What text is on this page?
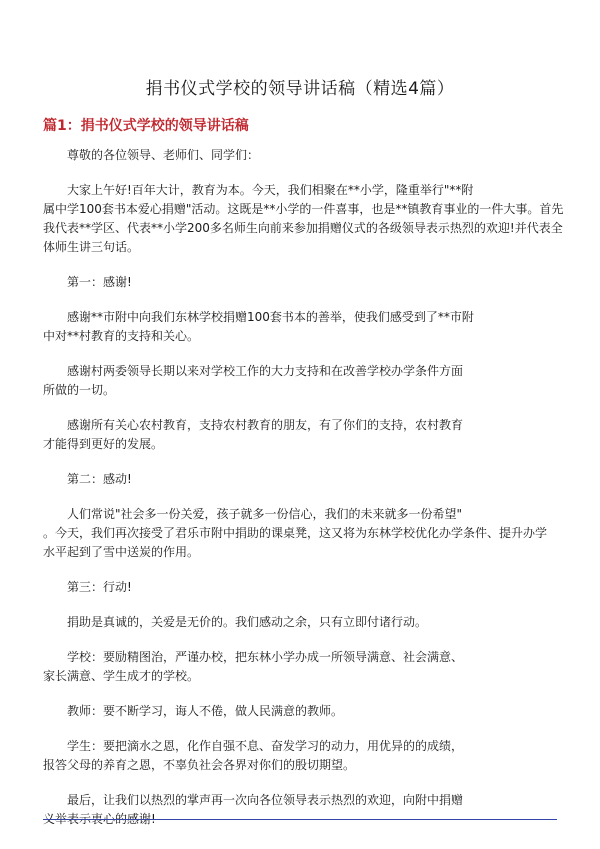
捐书仪式学校的领导讲话稿（精选4篇）
篇1：捐书仪式学校的领导讲话稿

尊敬的各位领导、老师们、同学们：

大家上午好!百年大计，教育为本。今天，我们相聚在**小学，隆重举行"**附
属中学100套书本爱心捐赠"活动。这既是**小学的一件喜事，也是**镇教育事业的一件大事。首先
我代表**学区、代表**小学200多名师生向前来参加捐赠仪式的各级领导表示热烈的欢迎!并代表全
体师生讲三句话。

第一：感谢!

感谢**市附中向我们东林学校捐赠100套书本的善举，使我们感受到了**市附
中对**村教育的支持和关心。

感谢村两委领导长期以来对学校工作的大力支持和在改善学校办学条件方面
所做的一切。

感谢所有关心农村教育，支持农村教育的朋友，有了你们的支持，农村教育
才能得到更好的发展。

第二：感动!

人们常说"社会多一份关爱，孩子就多一份信心，我们的未来就多一份希望"
。今天，我们再次接受了君乐市附中捐助的课桌凳，这又将为东林学校优化办学条件、提升办学
水平起到了雪中送炭的作用。

第三：行动!

捐助是真诚的，关爱是无价的。我们感动之余，只有立即付诸行动。

学校：要励精图治，严谨办校，把东林小学办成一所领导满意、社会满意、
家长满意、学生成才的学校。

教师：要不断学习，诲人不倦，做人民满意的教师。

学生：要把滴水之恩，化作自强不息、奋发学习的动力，用优异的的成绩，
报答父母的养育之恩，不辜负社会各界对你们的殷切期望。

最后，让我们以热烈的掌声再一次向各位领导表示热烈的欢迎，向附中捐赠
义举表示衷心的感谢!
